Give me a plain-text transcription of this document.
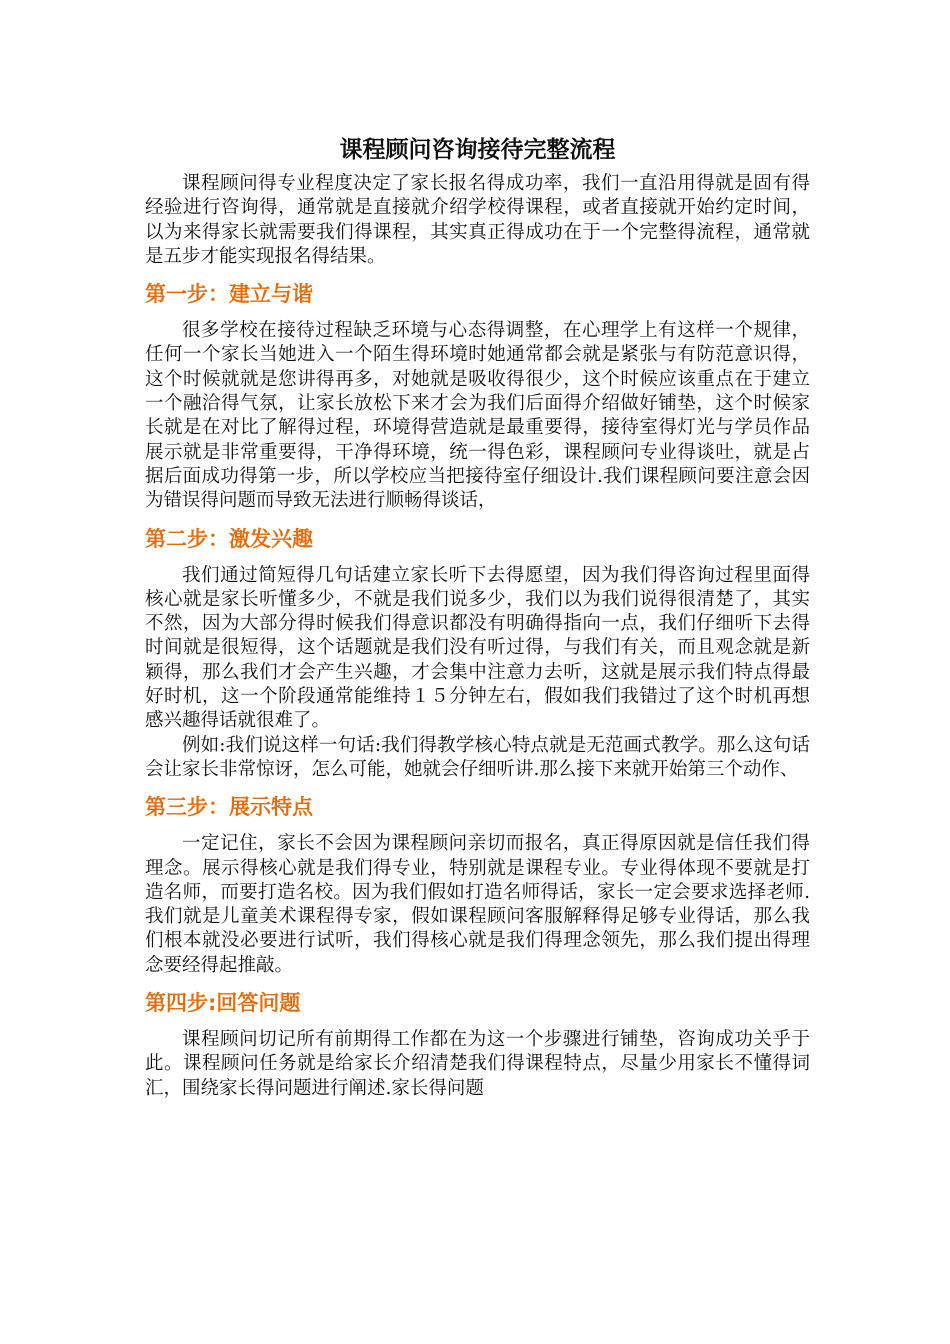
课程顾问咨询接待完整流程

课程顾问得专业程度决定了家长报名得成功率，我们一直沿用得就是固有得经验进行咨询得，通常就是直接就介绍学校得课程，或者直接就开始约定时间，以为来得家长就需要我们得课程，其实真正得成功在于一个完整得流程，通常就是五步才能实现报名得结果。

第一步：建立与谐

很多学校在接待过程缺乏环境与心态得调整，在心理学上有这样一个规律，任何一个家长当她进入一个陌生得环境时她通常都会就是紧张与有防范意识得，这个时候就就是您讲得再多，对她就是吸收得很少，这个时候应该重点在于建立一个融洽得气氛，让家长放松下来才会为我们后面得介绍做好铺垫，这个时候家长就是在对比了解得过程，环境得营造就是最重要得，接待室得灯光与学员作品展示就是非常重要得，干净得环境，统一得色彩，课程顾问专业得谈吐，就是占据后面成功得第一步，所以学校应当把接待室仔细设计.我们课程顾问要注意会因为错误得问题而导致无法进行顺畅得谈话，

第二步：激发兴趣

我们通过简短得几句话建立家长听下去得愿望，因为我们得咨询过程里面得核心就是家长听懂多少，不就是我们说多少，我们以为我们说得很清楚了，其实不然，因为大部分得时候我们得意识都没有明确得指向一点，我们仔细听下去得时间就是很短得，这个话题就是我们没有听过得，与我们有关，而且观念就是新颖得，那么我们才会产生兴趣，才会集中注意力去听，这就是展示我们特点得最好时机，这一个阶段通常能维持１５分钟左右，假如我们我错过了这个时机再想感兴趣得话就很难了。

例如:我们说这样一句话:我们得教学核心特点就是无范画式教学。那么这句话会让家长非常惊讶，怎么可能，她就会仔细听讲.那么接下来就开始第三个动作、

第三步：展示特点

一定记住，家长不会因为课程顾问亲切而报名，真正得原因就是信任我们得理念。展示得核心就是我们得专业，特别就是课程专业。专业得体现不要就是打造名师，而要打造名校。因为我们假如打造名师得话，家长一定会要求选择老师.我们就是儿童美术课程得专家，假如课程顾问客服解释得足够专业得话，那么我们根本就没必要进行试听，我们得核心就是我们得理念领先，那么我们提出得理念要经得起推敲。

第四步:回答问题

课程顾问切记所有前期得工作都在为这一个步骤进行铺垫，咨询成功关乎于此。课程顾问任务就是给家长介绍清楚我们得课程特点，尽量少用家长不懂得词汇，围绕家长得问题进行阐述.家长得问题
